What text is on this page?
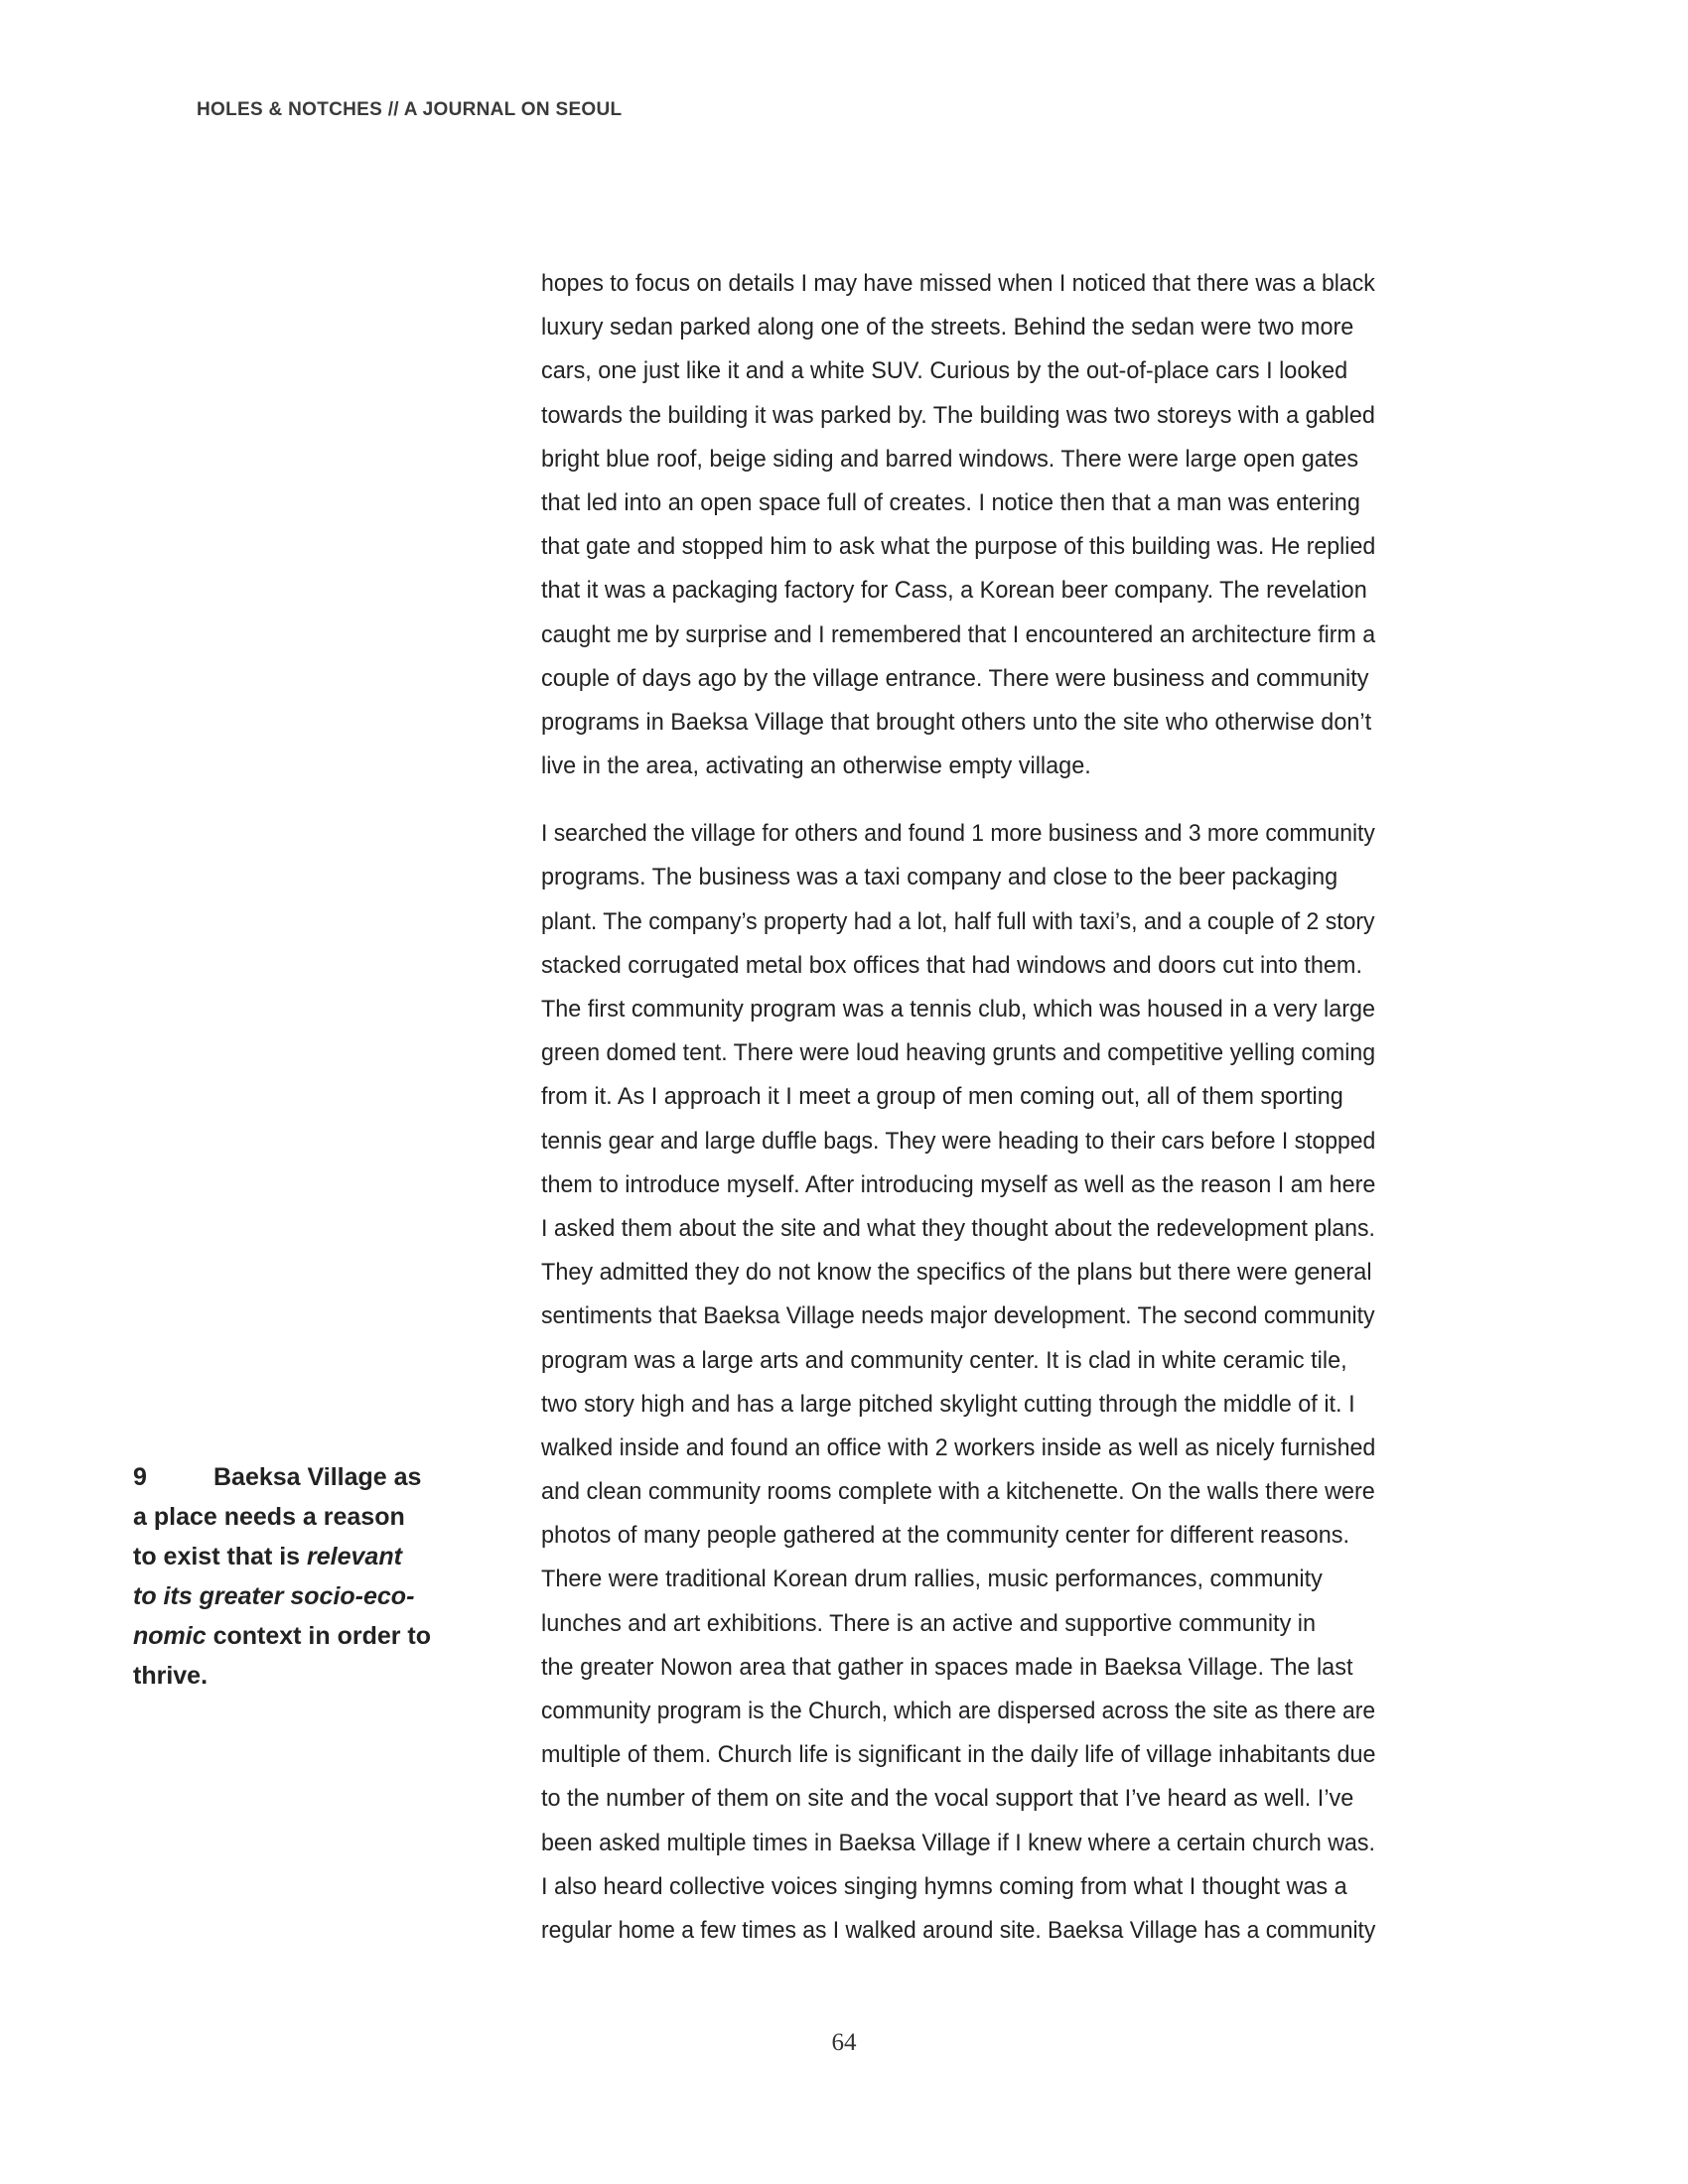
HOLES & NOTCHES // A JOURNAL ON SEOUL
hopes to focus on details I may have missed when I noticed that there was a black
luxury sedan parked along one of the streets. Behind the sedan were two more
cars, one just like it and a white SUV. Curious by the out-of-place cars I looked
towards the building it was parked by. The building was two storeys with a gabled
bright blue roof, beige siding and barred windows. There were large open gates
that led into an open space full of creates. I notice then that a man was entering
that gate and stopped him to ask what the purpose of this building was. He replied
that it was a packaging factory for Cass, a Korean beer company. The revelation
caught me by surprise and I remembered that I encountered an architecture firm a
couple of days ago by the village entrance. There were business and community
programs in Baeksa Village that brought others unto the site who otherwise don’t
live in the area, activating an otherwise empty village.
I searched the village for others and found 1 more business and 3 more community
programs. The business was a taxi company and close to the beer packaging
plant. The company’s property had a lot, half full with taxi’s, and a couple of 2 story
stacked corrugated metal box offices that had windows and doors cut into them.
The first community program was a tennis club, which was housed in a very large
green domed tent. There were loud heaving grunts and competitive yelling coming
from it. As I approach it I meet a group of men coming out, all of them sporting
tennis gear and large duffle bags. They were heading to their cars before I stopped
them to introduce myself. After introducing myself as well as the reason I am here
I asked them about the site and what they thought about the redevelopment plans.
They admitted they do not know the specifics of the plans but there were general
sentiments that Baeksa Village needs major development. The second community
program was a large arts and community center. It is clad in white ceramic tile,
two story high and has a large pitched skylight cutting through the middle of it. I
walked inside and found an office with 2 workers inside as well as nicely furnished
and clean community rooms complete with a kitchenette. On the walls there were
photos of many people gathered at the community center for different reasons.
There were traditional Korean drum rallies, music performances, community
lunches and art exhibitions. There is an active and supportive community in
the greater Nowon area that gather in spaces made in Baeksa Village. The last
community program is the Church, which are dispersed across the site as there are
multiple of them. Church life is significant in the daily life of village inhabitants due
to the number of them on site and the vocal support that I’ve heard as well. I’ve
been asked multiple times in Baeksa Village if I knew where a certain church was.
I also heard collective voices singing hymns coming from what I thought was a
regular home a few times as I walked around site. Baeksa Village has a community
9	Baeksa Village as
a place needs a reason
to exist that is relevant
to its greater socio-eco-
nomic context in order to
thrive.
64
